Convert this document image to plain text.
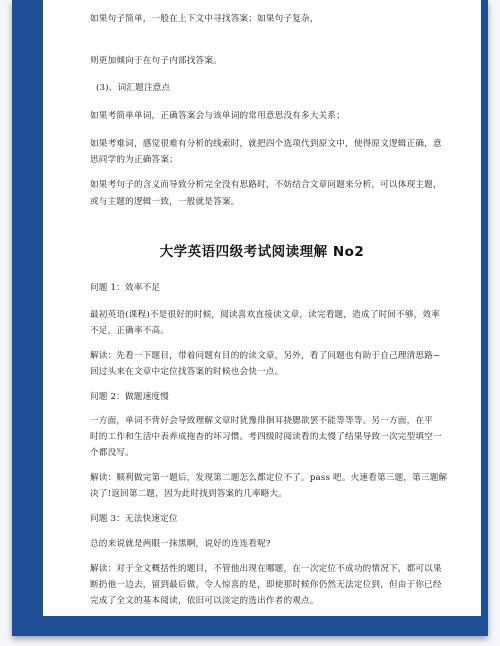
如果句子简单，一般在上下文中寻找答案；如果句子复杂，
则更加倾向于在句子内部找答案。
(3)、词汇题注意点
如果考简单单词，正确答案会与该单词的常用意思没有多大关系；
如果考难词，感觉很难有分析的线索时，就把四个选项代到原文中，使得原文逻辑正确，意
思同学的为正确答案；
如果考句子的含义而导致分析完全没有思路时，不妨结合文章问题来分析，可以体现主题，
或与主题的逻辑一致，一般就是答案。
大学英语四级考试阅读理解 No2
问题 1：效率不足
最初英语(课程)不是很好的时候，阅读喜欢直接读文章，读完看题，造成了时间不够，效率
不足，正确率不高。
解读：先看一下题目，带着问题有目的的读文章，另外，看了问题也有助于自己理清思路~
回过头来在文章中定位找答案的时候也会快一点。
问题 2：做题速度慢
一方面，单词不背好会导致理解文章时犹豫徘徊耳挠腮欲罢不能等等等。另一方面，在平
时的工作和生活中表养成拖杳的坏习惯。考四级时阅读看的太慢了结果导致一次完型填空一
个都没写。
解读：顺利做完第一题后，发现第二题怎么都定位不了。pass 吧。火速看第三题，第三题解
决了!返回第二题，因为此时找到答案的几率略大。
问题 3：无法快速定位
总的来说就是两眼一抹黑啊，说好的连连看呢?
解读：对于全文概括性的题目，不管他出现在哪题，在一次定位不成功的情况下，都可以果
断扔他一边去，留到最后做。令人惊喜的是，即使那时候你仍然无法定位到，但由于你已经
完成了全文的基本阅读，依旧可以淡定的选出作者的观点。
